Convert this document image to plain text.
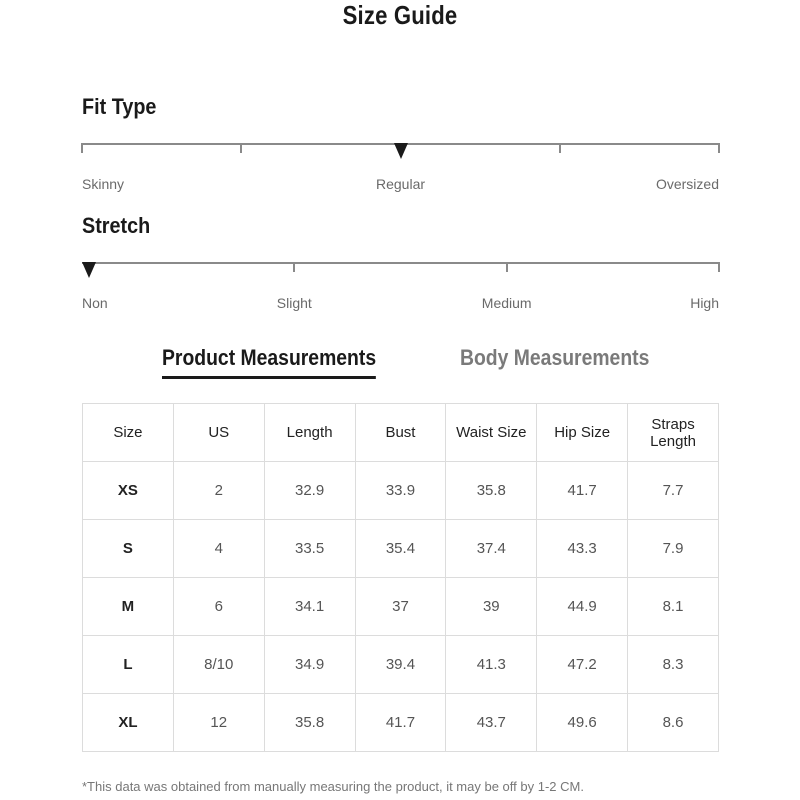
Size Guide
Fit Type
Skinny	Regular	Oversized
Stretch
Non	Slight	Medium	High
Product Measurements	Body Measurements
Size	US	Length	Bust	Waist Size	Hip Size	Straps Length
XS	2	32.9	33.9	35.8	41.7	7.7
S	4	33.5	35.4	37.4	43.3	7.9
M	6	34.1	37	39	44.9	8.1
L	8/10	34.9	39.4	41.3	47.2	8.3
XL	12	35.8	41.7	43.7	49.6	8.6
*This data was obtained from manually measuring the product, it may be off by 1-2 CM.
